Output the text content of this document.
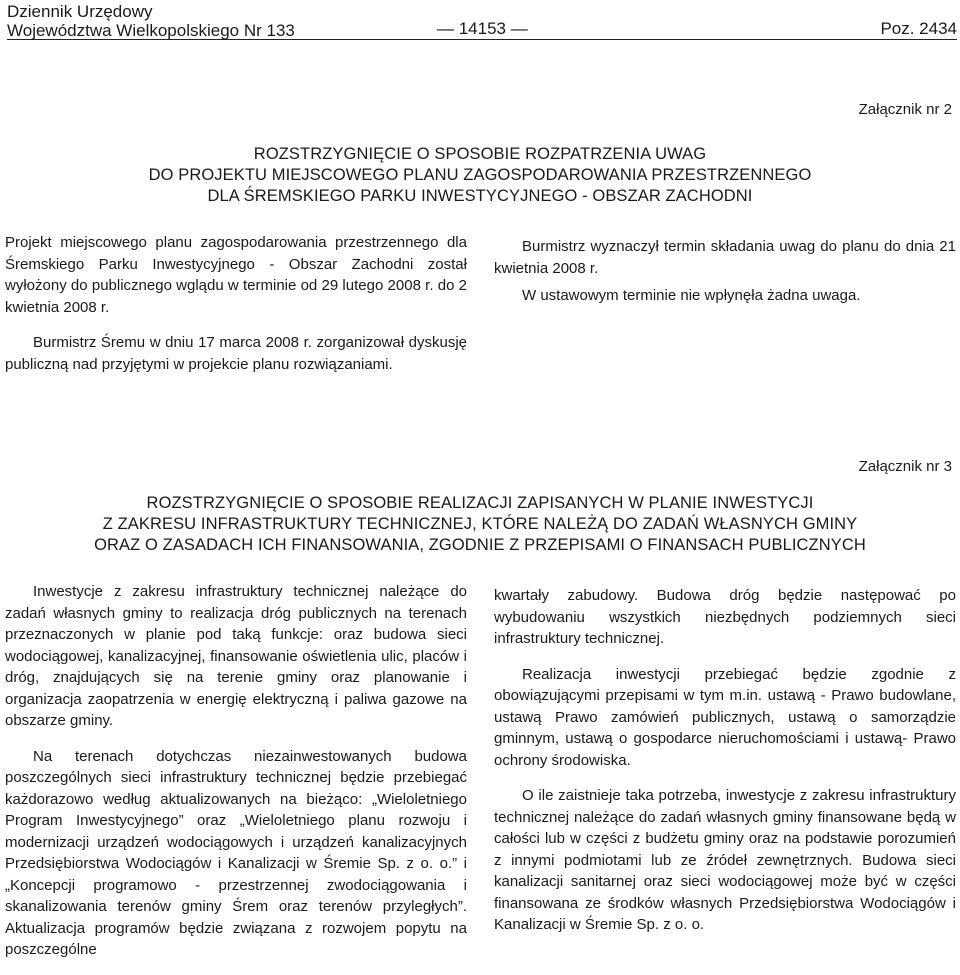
Dziennik Urzędowy
Województwa Wielkopolskiego Nr 133	— 14153 —	Poz. 2434
Załącznik nr 2
ROZSTRZYGNIĘCIE O SPOSOBIE ROZPATRZENIA UWAG
DO PROJEKTU MIEJSCOWEGO PLANU ZAGOSPODAROWANIA PRZESTRZENNEGO
DLA ŚREMSKIEGO PARKU INWESTYCYJNEGO - OBSZAR ZACHODNI

Projekt miejscowego planu zagospodarowania przestrzennego dla Śremskiego Parku Inwestycyjnego - Obszar Zachodni został wyłożony do publicznego wglądu w terminie od 29 lutego 2008 r. do 2 kwietnia 2008 r.

Burmistrz Śremu w dniu 17 marca 2008 r. zorganizował dyskusję publiczną nad przyjętymi w projekcie planu rozwiązaniami.

Burmistrz wyznaczył termin składania uwag do planu do dnia 21 kwietnia 2008 r.

W ustawowym terminie nie wpłynęła żadna uwaga.

Załącznik nr 3
ROZSTRZYGNIĘCIE O SPOSOBIE REALIZACJI ZAPISANYCH W PLANIE INWESTYCJI
Z ZAKRESU INFRASTRUKTURY TECHNICZNEJ, KTÓRE NALEŻĄ DO ZADAŃ WŁASNYCH GMINY
ORAZ O ZASADACH ICH FINANSOWANIA, ZGODNIE Z PRZEPISAMI O FINANSACH PUBLICZNYCH

Inwestycje z zakresu infrastruktury technicznej należące do zadań własnych gminy to realizacja dróg publicznych na terenach przeznaczonych w planie pod taką funkcje: oraz budowa sieci wodociągowej, kanalizacyjnej, finansowanie oświetlenia ulic, placów i dróg, znajdujących się na terenie gminy oraz planowanie i organizacja zaopatrzenia w energię elektryczną i paliwa gazowe na obszarze gminy.

Na terenach dotychczas niezainwestowanych budowa poszczególnych sieci infrastruktury technicznej będzie przebiegać każdorazowo według aktualizowanych na bieżąco: „Wieloletniego Program Inwestycyjnego” oraz „Wieloletniego planu rozwoju i modernizacji urządzeń wodociągowych i urządzeń kanalizacyjnych Przedsiębiorstwa Wodociągów i Kanalizacji w Śremie Sp. z o. o.” i „Koncepcji programowo - przestrzennej zwodociągowania i skanalizowania terenów gminy Śrem oraz terenów przyległych”. Aktualizacja programów będzie związana z rozwojem popytu na poszczególne

kwartały zabudowy. Budowa dróg będzie następować po wybudowaniu wszystkich niezbędnych podziemnych sieci infrastruktury technicznej.

Realizacja inwestycji przebiegać będzie zgodnie z obowiązującymi przepisami w tym m.in. ustawą - Prawo budowlane, ustawą Prawo zamówień publicznych, ustawą o samorządzie gminnym, ustawą o gospodarce nieruchomościami i ustawą- Prawo ochrony środowiska.

O ile zaistnieje taka potrzeba, inwestycje z zakresu infrastruktury technicznej należące do zadań własnych gminy finansowane będą w całości lub w części z budżetu gminy oraz na podstawie porozumień z innymi podmiotami lub ze źródeł zewnętrznych. Budowa sieci kanalizacji sanitarnej oraz sieci wodociągowej może być w części finansowana ze środków własnych Przedsiębiorstwa Wodociągów i Kanalizacji w Śremie Sp. z o. o.
